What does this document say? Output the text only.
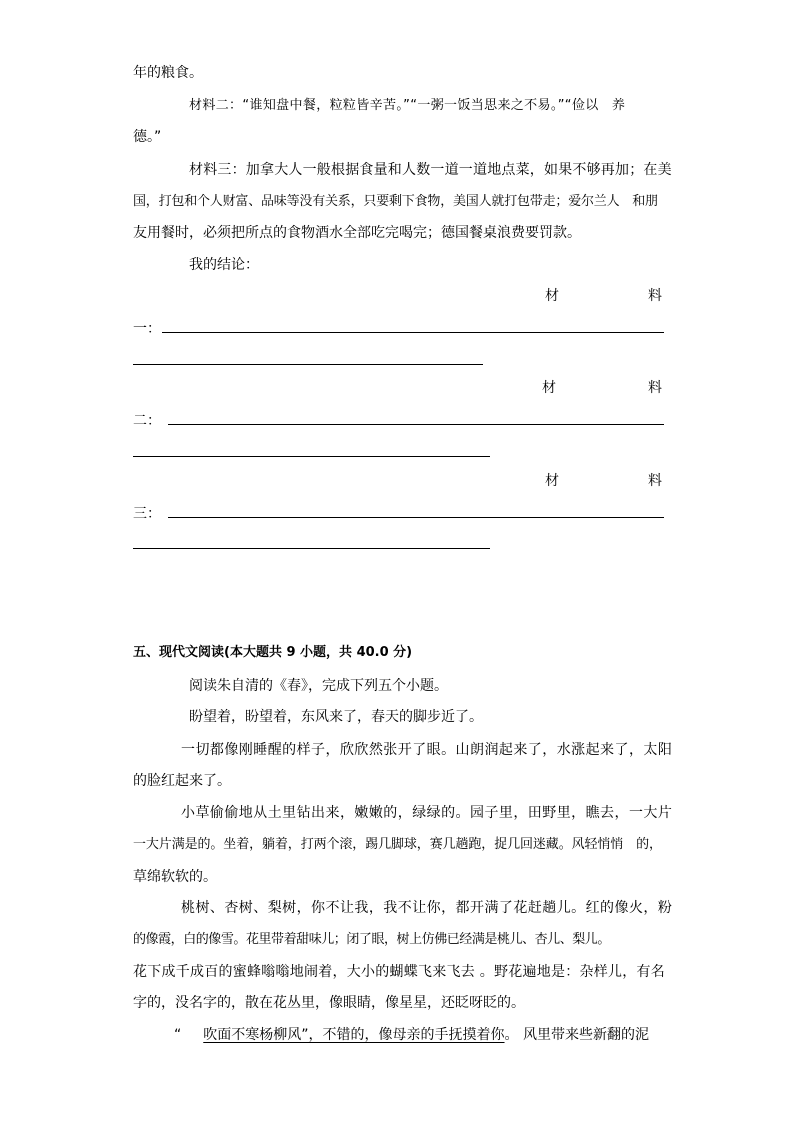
年的粮食。
材料二：“谁知盘中餐，粒粒皆辛苦。”“一粥一饭当思来之不易。”“俭以　养
德。”
材料三：加拿大人一般根据食量和人数一道一道地点菜，如果不够再加；在美
国，打包和个人财富、品味等没有关系，只要剩下食物，美国人就打包带走；爱尔兰人　和朋
友用餐时，必须把所点的食物酒水全部吃完喝完；德国餐桌浪费要罚款。
我的结论：
材	料
一：
材	料
二：
材	料
三：
五、现代文阅读(本大题共 9 小题，共 40.0 分)
阅读朱自清的《春》，完成下列五个小题。
盼望着，盼望着，东风来了，春天的脚步近了。
一切都像刚睡醒的样子，欣欣然张开了眼。山朗润起来了，水涨起来了，太阳
的脸红起来了。
小草偷偷地从土里钻出来，嫩嫩的，绿绿的。园子里，田野里，瞧去，一大片
一大片满是的。坐着，躺着，打两个滚，踢几脚球，赛几趟跑，捉几回迷藏。风轻悄悄　的，
草绵软软的。
桃树、杏树、梨树，你不让我，我不让你，都开满了花赶趟儿。红的像火，粉
的像霞，白的像雪。花里带着甜味儿；闭了眼，树上仿佛已经满是桃儿、杏儿、梨儿。
花下成千成百的蜜蜂嗡嗡地闹着，大小的蝴蝶飞来飞去 。野花遍地是：杂样儿，有名
字的，没名字的，散在花丛里，像眼睛，像星星，还眨呀眨的。
“ 吹面不寒杨柳风”，不错的，像母亲的手抚摸着你。 风里带来些新翻的泥
